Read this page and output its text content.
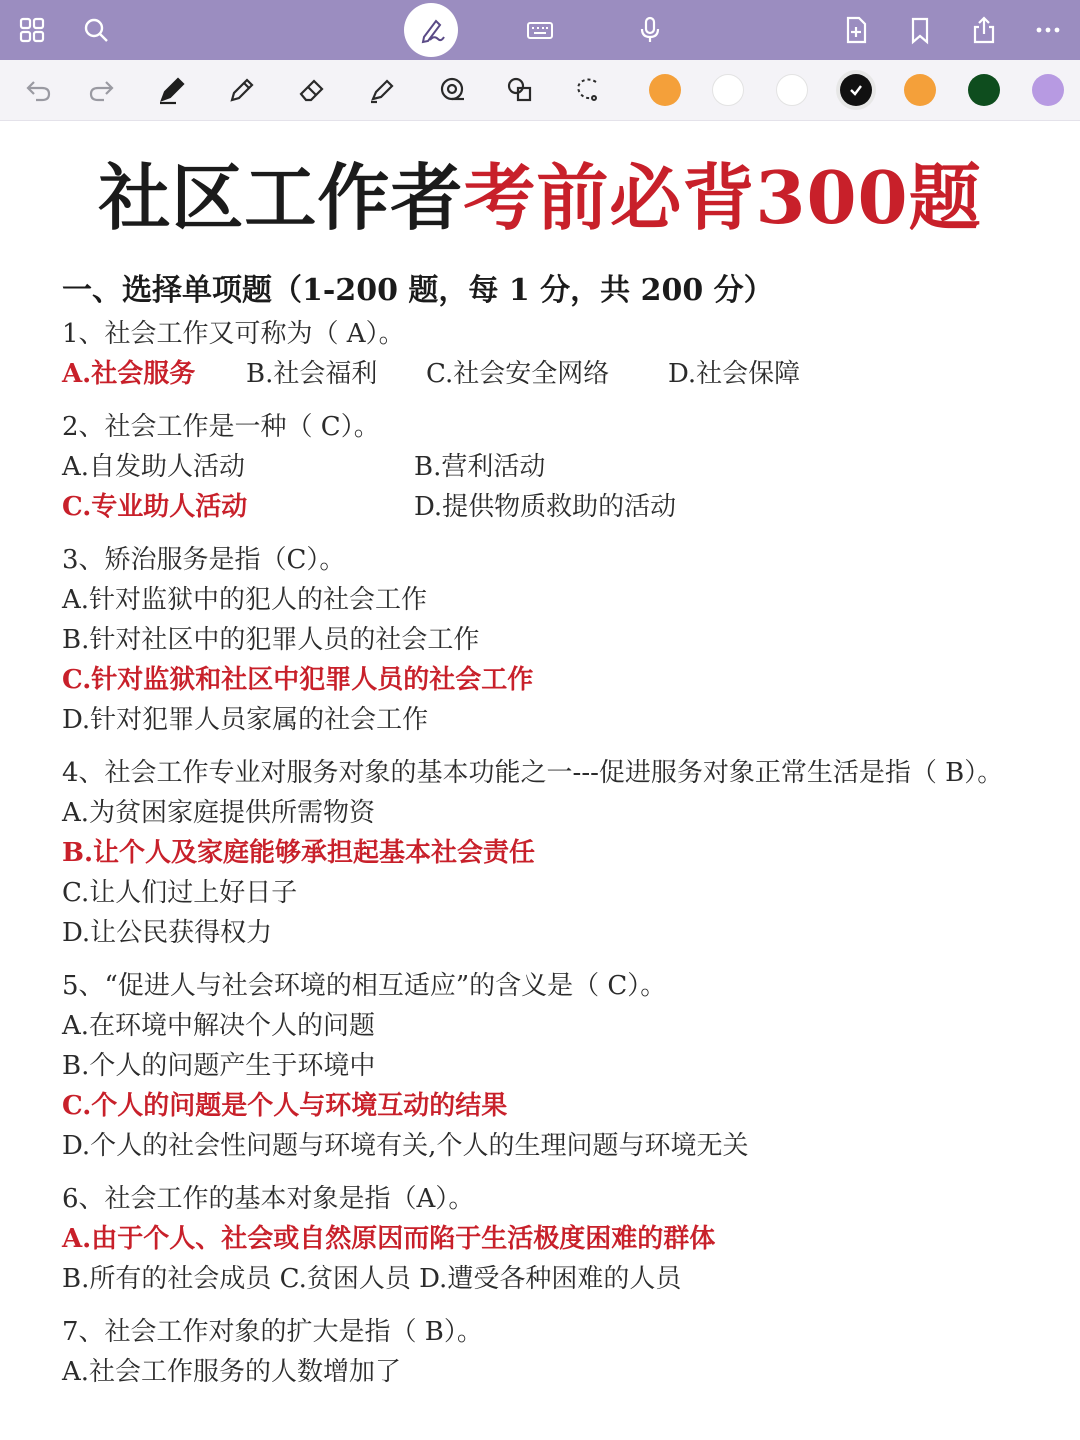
社区工作者考前必背300题
一、选择单项题（1-200 题，每 1 分，共 200 分）
1、社会工作又可称为（ A）。
A.社会服务	B.社会福利	C.社会安全网络	D.社会保障
2、社会工作是一种（ C）。
A.自发助人活动	B.营利活动
C.专业助人活动	D.提供物质救助的活动
3、矫治服务是指（C）。
A.针对监狱中的犯人的社会工作
B.针对社区中的犯罪人员的社会工作
C.针对监狱和社区中犯罪人员的社会工作
D.针对犯罪人员家属的社会工作
4、社会工作专业对服务对象的基本功能之一---促进服务对象正常生活是指（ B）。
A.为贫困家庭提供所需物资
B.让个人及家庭能够承担起基本社会责任
C.让人们过上好日子
D.让公民获得权力
5、“促进人与社会环境的相互适应”的含义是（ C）。
A.在环境中解决个人的问题
B.个人的问题产生于环境中
C.个人的问题是个人与环境互动的结果
D.个人的社会性问题与环境有关,个人的生理问题与环境无关
6、社会工作的基本对象是指（A）。
A.由于个人、社会或自然原因而陷于生活极度困难的群体
B.所有的社会成员 C.贫困人员 D.遭受各种困难的人员
7、社会工作对象的扩大是指（ B）。
A.社会工作服务的人数增加了
